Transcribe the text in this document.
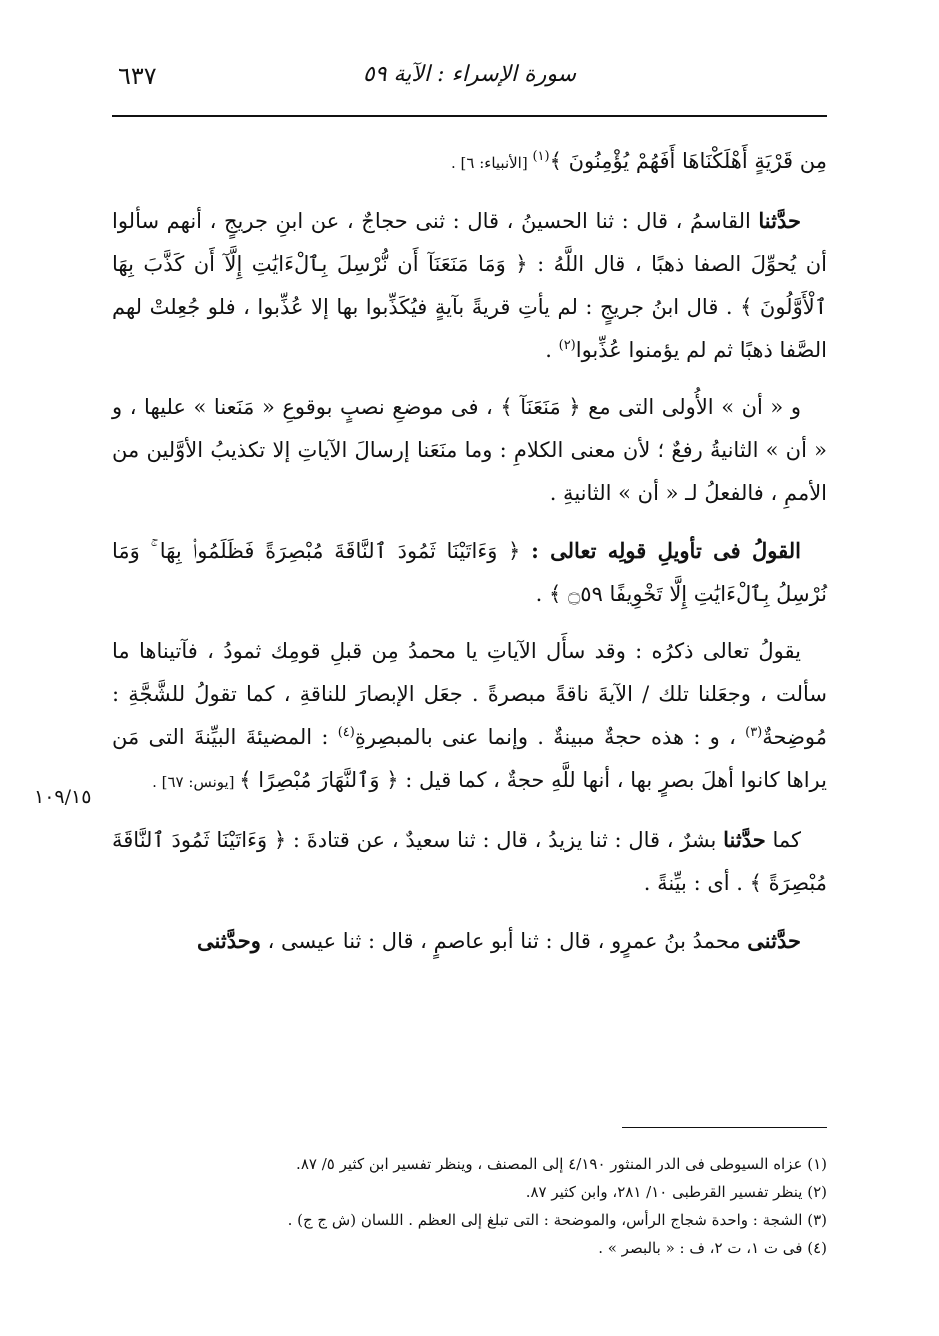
سورة الإسراء : الآية ٥٩
٦٣٧
١٠٩/١٥

مِن قَرْيَةٍ أَهْلَكْنَاهَا أَفَهُمْ يُؤْمِنُونَ ﴾$^{(١)}$ [الأنبياء: ٦] .

حدَّثنا القاسمُ ، قال : ثنا الحسينُ ، قال : ثنى حجاجٌ ، عن ابنِ جريجٍ ، أنهم سألوا أن يُحوِّلَ الصفا ذهبًا ، قال اللَّهُ : ﴿ وَمَا مَنَعَنَآ أَن نُّرْسِلَ بِٱلْءَايَٰتِ إِلَّآ أَن كَذَّبَ بِهَا ٱلْأَوَّلُونَ ﴾ . قال ابنُ جريجٍ : لم يأتِ قريةً بآيةٍ فيُكَذِّبوا بها إلا عُذِّبوا ، فلو جُعِلتْ لهم الصَّفا ذهبًا ثم لم يؤمنوا عُذِّبوا$^{(٢)}$ .

و « أن » الأُولى التى مع ﴿ مَنَعَنَآ ﴾ ، فى موضعِ نصبٍ بوقوعِ « مَنَعنا » عليها ، و « أن » الثانيةُ رفعٌ ؛ لأن معنى الكلامِ : وما منَعَنا إرسالَ الآياتِ إلا تكذيبُ الأوَّلين من الأممِ ، فالفعلُ لـ « أن » الثانيةِ .

القولُ فى تأويلِ قولِه تعالى : ﴿ وَءَاتَيْنَا ثَمُودَ ٱلنَّاقَةَ مُبْصِرَةً فَظَلَمُوا۟ بِهَا ۚ وَمَا نُرْسِلُ بِٱلْءَايَٰتِ إِلَّا تَخْوِيفًا ۝٥٩ ﴾ .

يقولُ تعالى ذكرُه : وقد سأَل الآياتِ يا محمدُ مِن قبلِ قومِك ثمودُ ، فآتيناها ما سألت ، وجعَلنا تلك / الآيةَ ناقةً مبصرةً . جعَل الإبصارَ للناقةِ ، كما تقولُ للشَّجَّةِ : مُوضِحةٌ$^{(٣)}$ ، و : هذه حجةٌ مبينةٌ . وإنما عنى بالمبصِرةِ$^{(٤)}$ : المضيئةَ البيِّنةَ التى مَن يراها كانوا أهلَ بصرٍ بها ، أنها للَّهِ حجةٌ ، كما قيل : ﴿ وَٱلنَّهَارَ مُبْصِرًا ﴾ [يونس: ٦٧] .

كما حدَّثنا بشرٌ ، قال : ثنا يزيدُ ، قال : ثنا سعيدٌ ، عن قتادةَ : ﴿ وَءَاتَيْنَا ثَمُودَ ٱلنَّاقَةَ مُبْصِرَةً ﴾ . أى : بيِّنةً .

حدَّثنى محمدُ بنُ عمرٍو ، قال : ثنا أبو عاصمٍ ، قال : ثنا عيسى ، وحدَّثنى

(١) عزاه السيوطى فى الدر المنثور ٤/١٩٠ إلى المصنف ، وينظر تفسير ابن كثير ٥/ ٨٧.
(٢) ينظر تفسير القرطبى ١٠/ ٢٨١، وابن كثير ٨٧.
(٣) الشجة : واحدة شجاج الرأس، والموضحة : التى تبلغ إلى العظم . اللسان (ش ج ج) .
(٤) فى ت ١، ت ٢، ف : « بالبصر » .
